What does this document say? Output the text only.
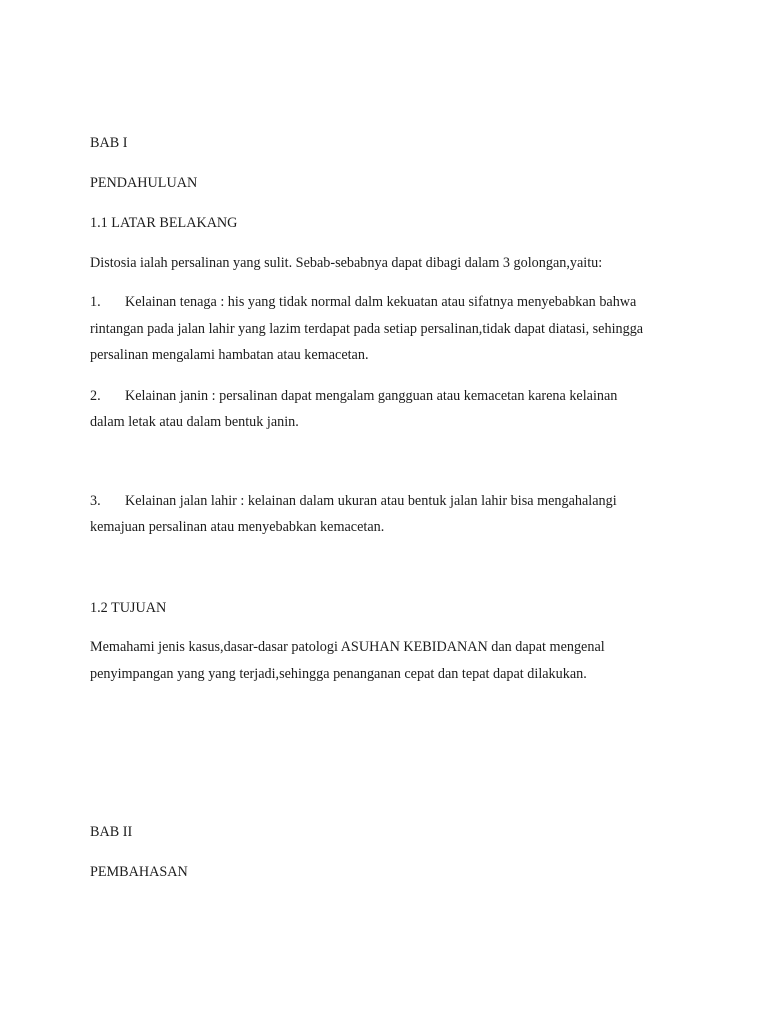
BAB I
PENDAHULUAN
1.1 LATAR BELAKANG
Distosia ialah persalinan yang sulit. Sebab-sebabnya dapat dibagi dalam 3 golongan,yaitu:
1. Kelainan tenaga : his yang tidak normal dalm kekuatan atau sifatnya menyebabkan bahwa
rintangan pada jalan lahir yang lazim terdapat pada setiap persalinan,tidak dapat diatasi, sehingga
persalinan mengalami hambatan atau kemacetan.
2. Kelainan janin : persalinan dapat mengalam gangguan atau kemacetan karena kelainan
dalam letak atau dalam bentuk janin.
3. Kelainan jalan lahir : kelainan dalam ukuran atau bentuk jalan lahir bisa mengahalangi
kemajuan persalinan atau menyebabkan kemacetan.
1.2 TUJUAN
Memahami jenis kasus,dasar-dasar patologi ASUHAN KEBIDANAN dan dapat mengenal
penyimpangan yang yang terjadi,sehingga penanganan cepat dan tepat dapat dilakukan.
BAB II
PEMBAHASAN
